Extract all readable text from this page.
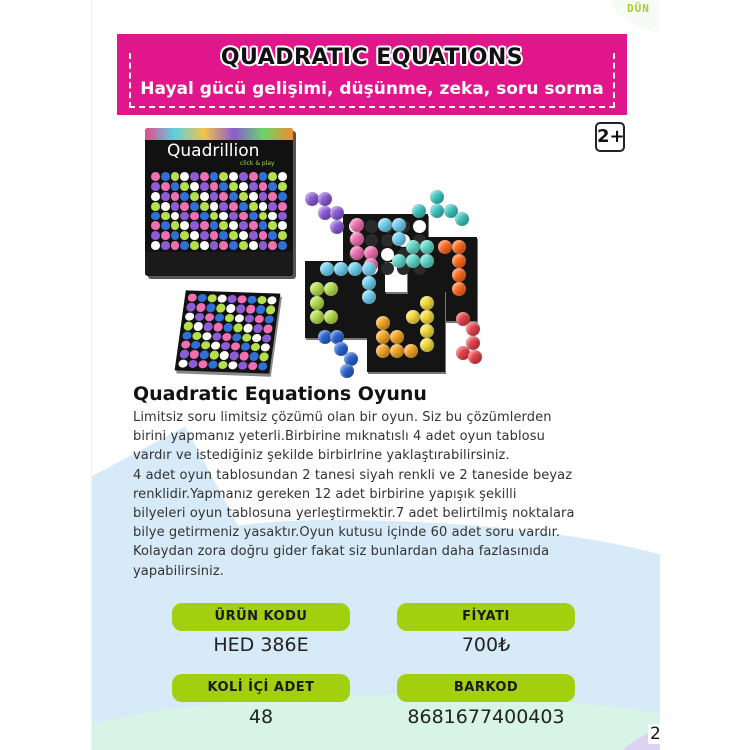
DÜN
QUADRATIC EQUATIONS
Hayal gücü gelişimi, düşünme, zeka, soru sorma
2+
Quadrillion
click & play
Quadratic Equations Oyunu
Limitsiz soru limitsiz çözümü olan bir oyun. Siz bu çözümlerden
birini yapmanız yeterli.Birbirine mıknatıslı 4 adet oyun tablosu
vardır ve istediğiniz şekilde birbirlrine yaklaştırabilirsiniz.
4 adet oyun tablosundan 2 tanesi siyah renkli ve 2 taneside beyaz
renklidir.Yapmanız gereken 12 adet birbirine yapışık şekilli
bilyeleri oyun tablosuna yerleştirmektir.7 adet belirtilmiş noktalara
bilye getirmeniz yasaktır.Oyun kutusu içinde 60 adet soru vardır.
Kolaydan zora doğru gider fakat siz bunlardan daha fazlasınıda
yapabilirsiniz.
ÜRÜN KODU
HED 386E
FİYATI
700₺
KOLİ İÇİ ADET
48
BARKOD
8681677400403
2
